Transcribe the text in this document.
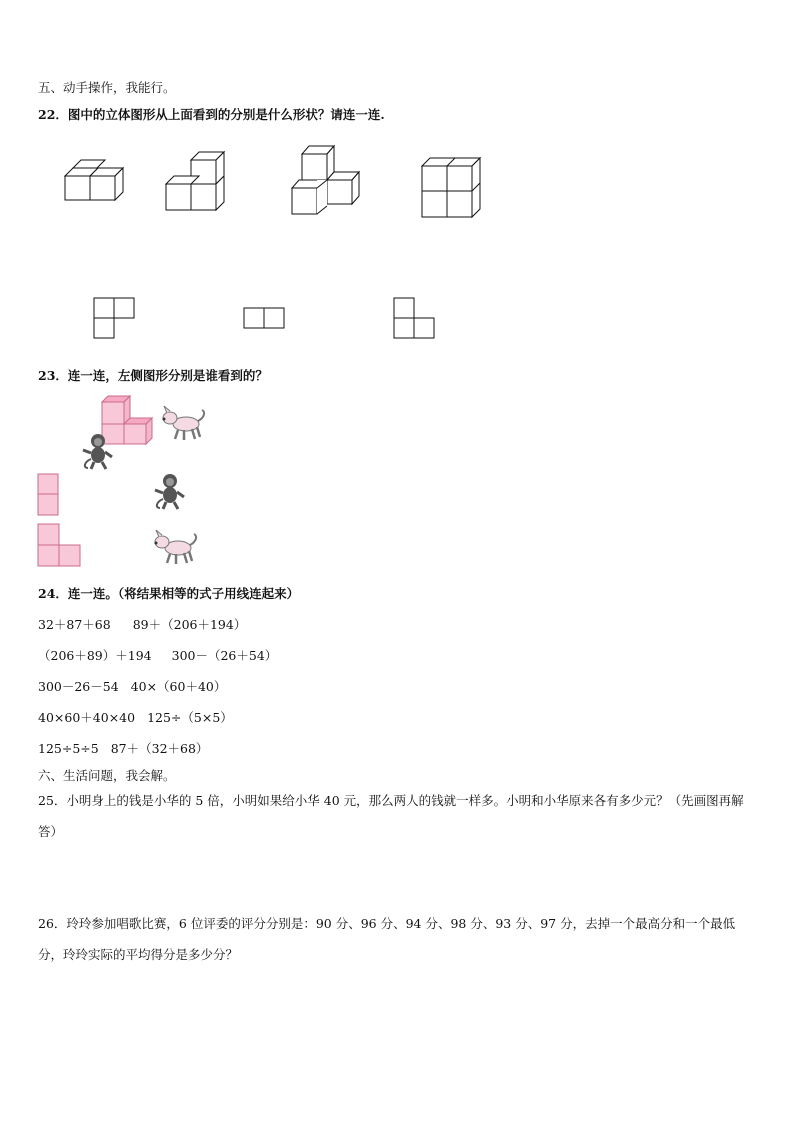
五、动手操作，我能行。
22．图中的立体图形从上面看到的分别是什么形状？请连一连.
23．连一连，左侧图形分别是谁看到的？
24．连一连。（将结果相等的式子用线连起来）
32＋87＋68 89＋（206＋194）
（206＋89）＋194 300－（26＋54）
300－26－54 40×（60＋40）
40×60＋40×40 125÷（5×5）
125÷5÷5 87＋（32＋68）
六、生活问题，我会解。
25．小明身上的钱是小华的 5 倍，小明如果给小华 40 元，那么两人的钱就一样多。小明和小华原来各有多少元？（先画图再解答）
26．玲玲参加唱歌比赛，6 位评委的评分分别是：90 分、96 分、94 分、98 分、93 分、97 分，去掉一个最高分和一个最低分，玲玲实际的平均得分是多少分？
